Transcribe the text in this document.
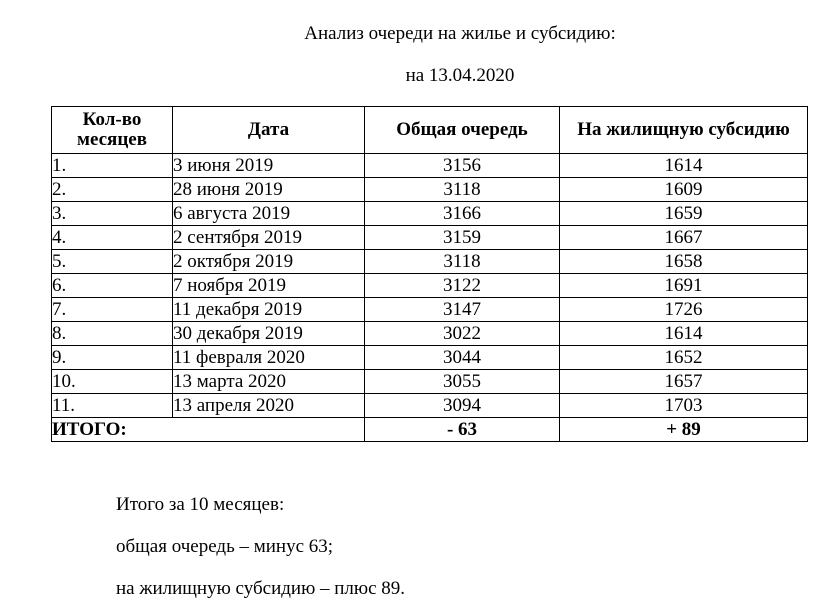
Анализ очереди на жилье и субсидию:
на 13.04.2020
Кол-во месяцев	Дата	Общая очередь	На жилищную субсидию
1.	3 июня 2019	3156	1614
2.	28 июня 2019	3118	1609
3.	6 августа 2019	3166	1659
4.	2 сентября 2019	3159	1667
5.	2 октября 2019	3118	1658
6.	7 ноября 2019	3122	1691
7.	11 декабря 2019	3147	1726
8.	30 декабря 2019	3022	1614
9.	11 февраля 2020	3044	1652
10.	13 марта 2020	3055	1657
11.	13 апреля 2020	3094	1703
ИТОГО:		- 63	+ 89
Итого за 10 месяцев:
общая очередь – минус 63;
на жилищную субсидию – плюс 89.
